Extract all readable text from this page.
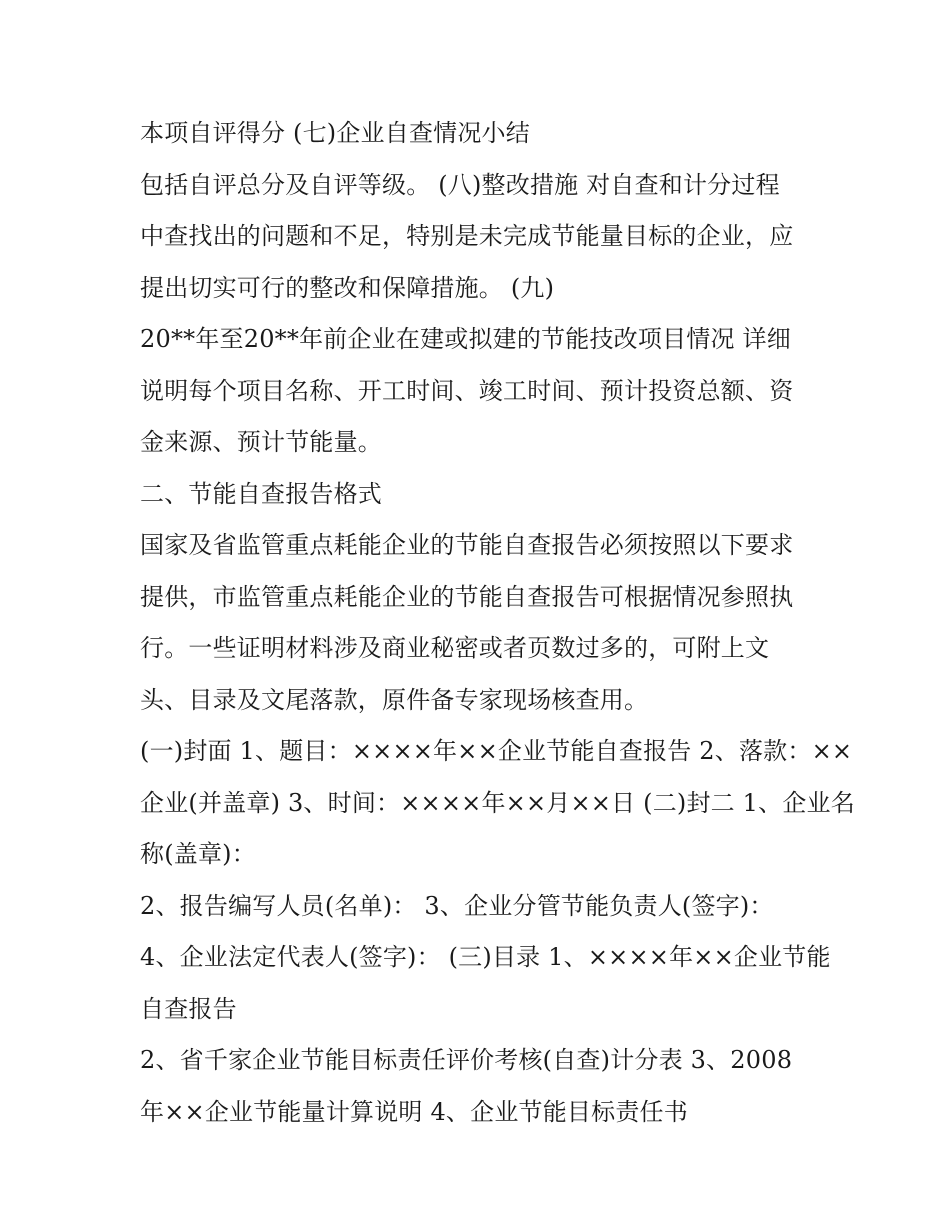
本项自评得分 (七)企业自查情况小结
包括自评总分及自评等级。 (八)整改措施 对自查和计分过程
中查找出的问题和不足，特别是未完成节能量目标的企业，应
提出切实可行的整改和保障措施。 (九)
20**年至20**年前企业在建或拟建的节能技改项目情况 详细
说明每个项目名称、开工时间、竣工时间、预计投资总额、资
金来源、预计节能量。
二、节能自查报告格式
国家及省监管重点耗能企业的节能自查报告必须按照以下要求
提供，市监管重点耗能企业的节能自查报告可根据情况参照执
行。一些证明材料涉及商业秘密或者页数过多的，可附上文
头、目录及文尾落款，原件备专家现场核查用。
(一)封面 1、题目：××××年××企业节能自查报告 2、落款：××
企业(并盖章) 3、时间：××××年××月××日 (二)封二 1、企业名
称(盖章)：
2、报告编写人员(名单)： 3、企业分管节能负责人(签字)：
4、企业法定代表人(签字)： (三)目录 1、××××年××企业节能
自查报告
2、省千家企业节能目标责任评价考核(自查)计分表 3、2008
年××企业节能量计算说明 4、企业节能目标责任书
